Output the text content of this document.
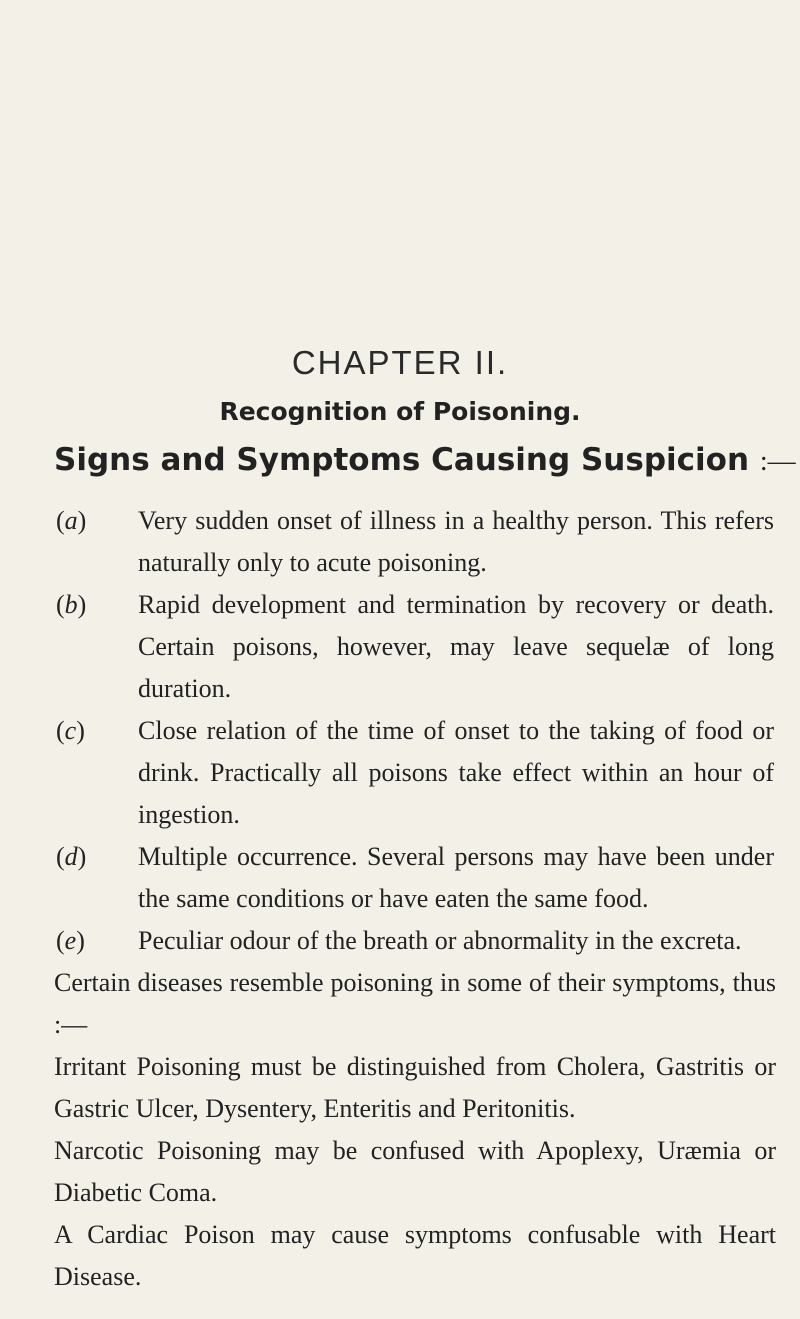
CHAPTER II.
Recognition of Poisoning.
Signs and Symptoms Causing Suspicion :—
(a)	Very sudden onset of illness in a healthy person. This refers naturally only to acute poisoning.
(b)	Rapid development and termination by recovery or death. Certain poisons, however, may leave sequelæ of long duration.
(c)	Close relation of the time of onset to the taking of food or drink. Practically all poisons take effect within an hour of ingestion.
(d)	Multiple occurrence. Several persons may have been under the same conditions or have eaten the same food.
(e)	Peculiar odour of the breath or abnormality in the excreta.
Certain diseases resemble poisoning in some of their symptoms, thus :—
Irritant Poisoning must be distinguished from Cholera, Gastritis or Gastric Ulcer, Dysentery, Enteritis and Peritonitis.
Narcotic Poisoning may be confused with Apoplexy, Uræmia or Diabetic Coma.
A Cardiac Poison may cause symptoms confusable with Heart Disease.
